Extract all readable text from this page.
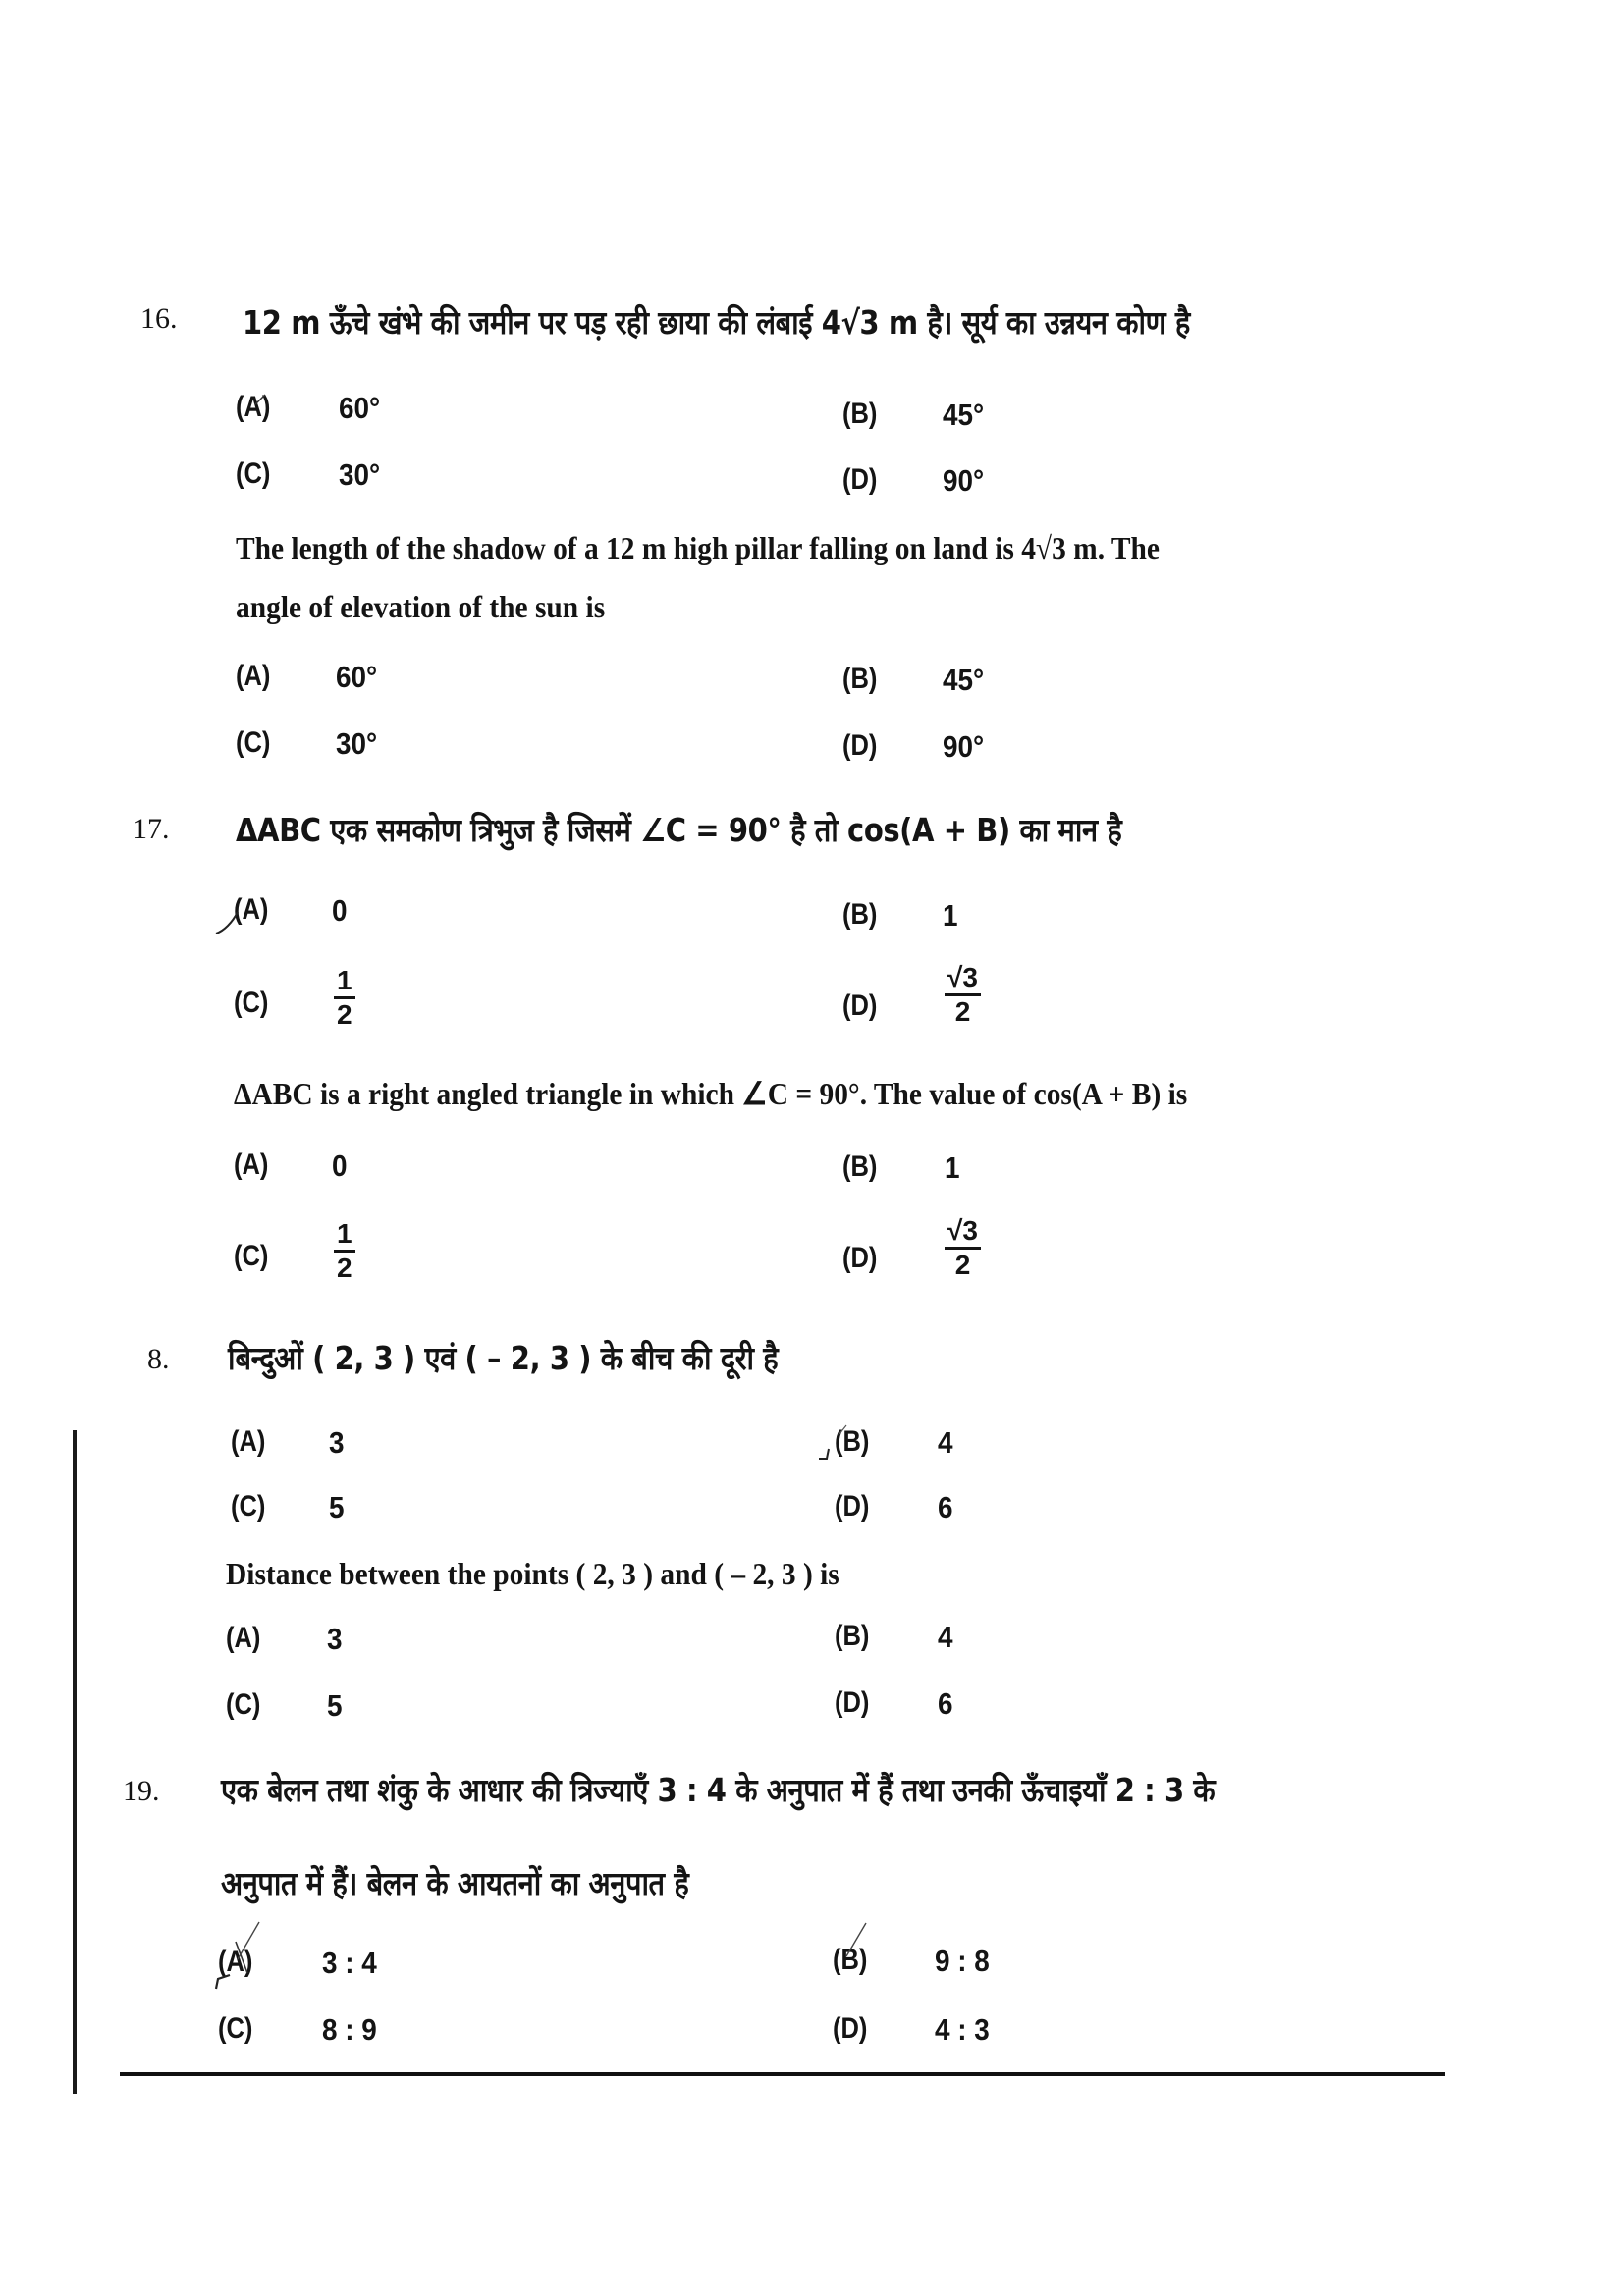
16. 12 m ऊँचे खंभे की जमीन पर पड़ रही छाया की लंबाई 4√3 m है। सूर्य का उन्नयन कोण है
(A) 60°	(B) 45°
(C) 30°	(D) 90°
The length of the shadow of a 12 m high pillar falling on land is 4√3 m. The
angle of elevation of the sun is
(A) 60°	(B) 45°
(C) 30°	(D) 90°
17. ΔABC एक समकोण त्रिभुज है जिसमें ∠C = 90° है तो cos(A + B) का मान है
(A) 0	(B) 1
$(C) \frac{1}{2}$	$(D) \frac{√3}{2}$
ΔABC is a right angled triangle in which ∠C = 90°. The value of cos(A + B) is
(A) 0	(B) 1
$(C) \frac{1}{2}$	$(D) \frac{√3}{2}$
8. बिन्दुओं ( 2, 3 ) एवं ( – 2, 3 ) के बीच की दूरी है
(A) 3	(B) 4
(C) 5	(D) 6
Distance between the points ( 2, 3 ) and ( – 2, 3 ) is
(A) 3	(B) 4
(C) 5	(D) 6
19. एक बेलन तथा शंकु के आधार की त्रिज्याएँ 3 : 4 के अनुपात में हैं तथा उनकी ऊँचाइयाँ 2 : 3 के
अनुपात में हैं। बेलन के आयतनों का अनुपात है
(A) 3 : 4	(B) 9 : 8
(C) 8 : 9	(D) 4 : 3
